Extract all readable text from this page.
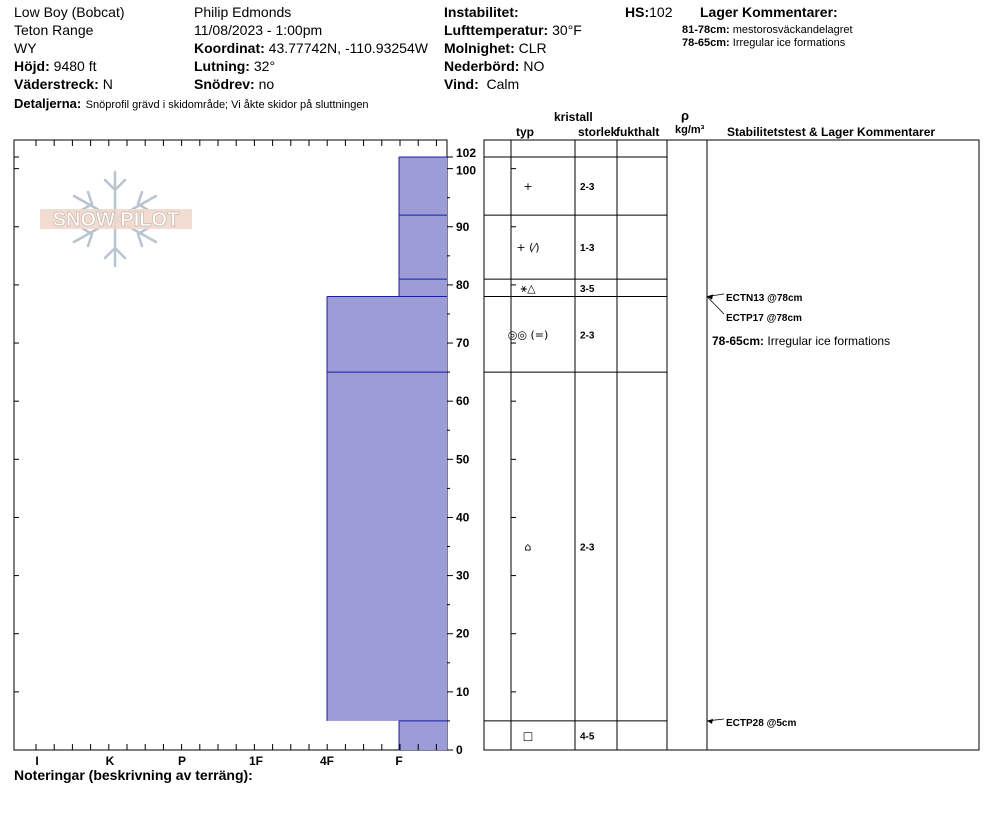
Low Boy (Bobcat)
Teton Range
WY
Höjd: 9480 ft
Väderstreck: N
Detaljerna: Snöprofil grävd i skidområde; Vi åkte skidor på sluttningen
Philip Edmonds
11/08/2023 - 1:00pm
Koordinat: 43.77742N, -110.93254W
Lutning: 32°
Snödrev: no
Instabilitet:
Lufttemperatur: 30°F
Molnighet: CLR
Nederbörd: NO
Vind: Calm
HS:102 Lager Kommentarer:
81-78cm: mestorosväckandelagret
78-65cm: Irregular ice formations
kristall
typ	storlek
fukthalt
ρ
kg/m³ Stabilitetstest & Lager Kommentarer
SNOW PILOT
I	K	P	1F	4F	F
0
10
20
30
40
50
60
70
80
90
100
102
+	2-3
+ (⁄)	1-3
⚹△	3-5
◎◎ (=)	2-3
⌂	2-3
□	4-5
ECTN13 @78cm
ECTP17 @78cm
ECTP28 @5cm
78-65cm: Irregular ice formations
Noteringar (beskrivning av terräng):
